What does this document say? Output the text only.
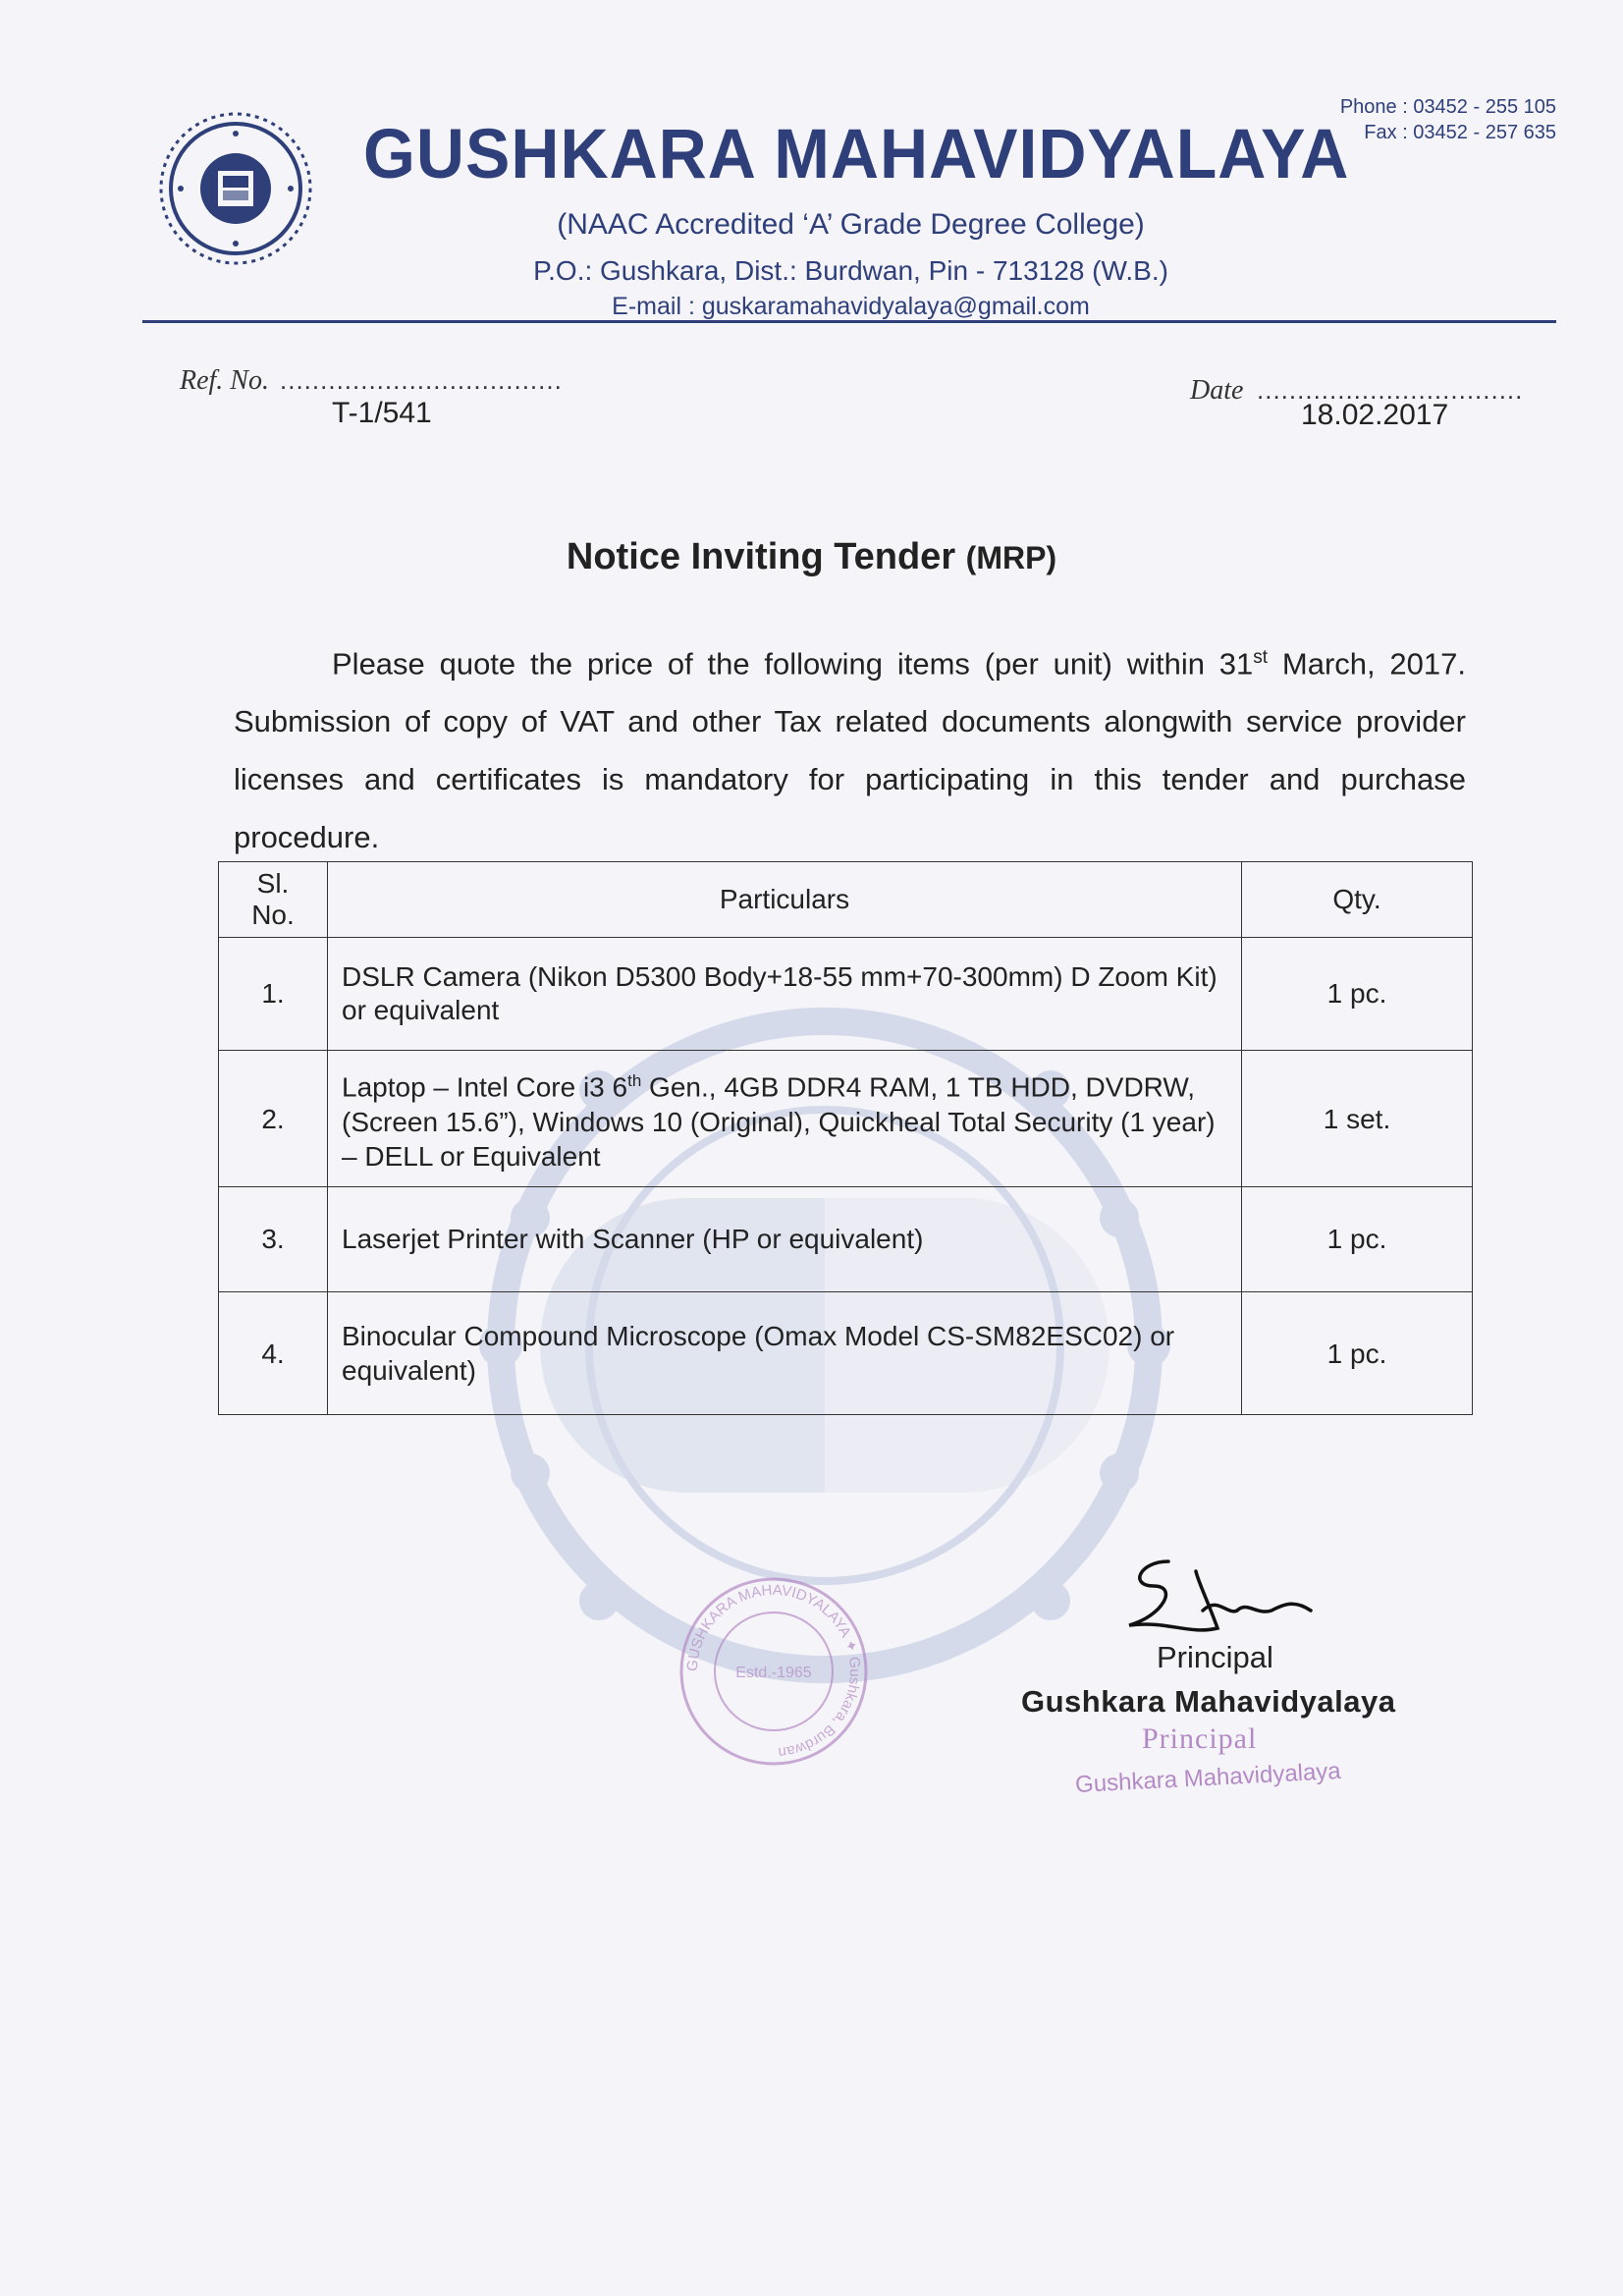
GUSHKARA MAHAVIDYALAYA
Phone : 03452 - 255 105
Fax : 03452 - 257 635
(NAAC Accredited ‘A’ Grade Degree College)
P.O.: Gushkara, Dist.: Burdwan, Pin - 713128 (W.B.)
E-mail : guskaramahavidyalaya@gmail.com
Ref. No. ...................................
T-1/541
Date .................................
18.02.2017
Notice Inviting Tender (MRP)
Please quote the price of the following items (per unit) within 31st March, 2017. Submission of copy of VAT and other Tax related documents alongwith service provider licenses and certificates is mandatory for participating in this tender and purchase procedure.
Sl.
No.	Particulars	Qty.
1.	DSLR Camera (Nikon D5300 Body+18-55 mm+70-300mm) D Zoom Kit) or equivalent	1 pc.
2.	Laptop – Intel Core i3 6th Gen., 4GB DDR4 RAM, 1 TB HDD, DVDRW, (Screen 15.6”), Windows 10 (Original), Quickheal Total Security (1 year) – DELL or Equivalent	1 set.
3.	Laserjet Printer with Scanner (HP or equivalent)	1 pc.
4.	Binocular Compound Microscope (Omax Model CS-SM82ESC02) or equivalent)	1 pc.
GUSHKARA MAHAVIDYALAYA ✦ Gushkara, Burdwan
Estd.-1965	Principal
Gushkara Mahavidyalaya
Principal
Gushkara Mahavidyalaya
